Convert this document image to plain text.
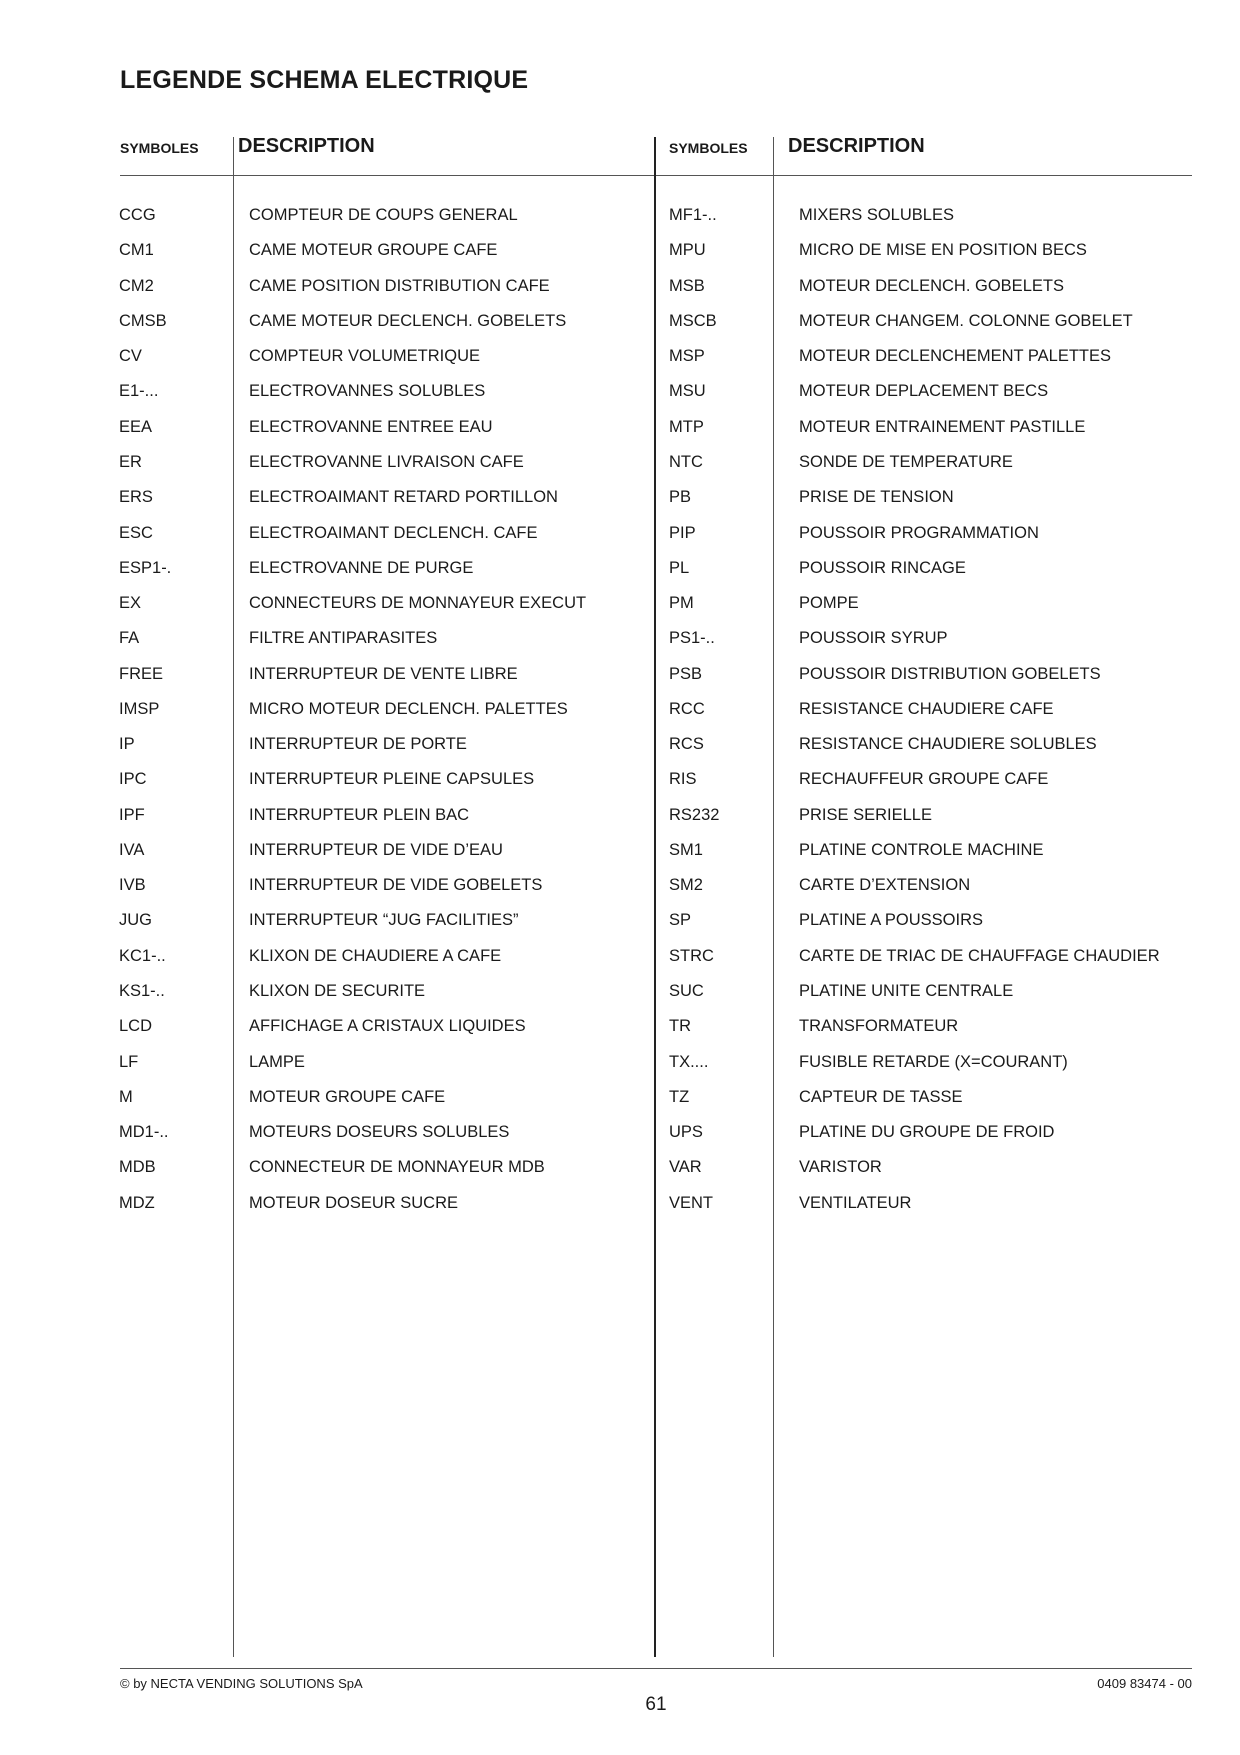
LEGENDE SCHEMA ELECTRIQUE
SYMBOLES DESCRIPTION	SYMBOLES DESCRIPTION
CCG	COMPTEUR DE COUPS GENERAL
CM1	CAME MOTEUR GROUPE CAFE
CM2	CAME POSITION DISTRIBUTION CAFE
CMSB	CAME MOTEUR DECLENCH. GOBELETS
CV	COMPTEUR VOLUMETRIQUE
E1-...	ELECTROVANNES SOLUBLES
EEA	ELECTROVANNE ENTREE EAU
ER	ELECTROVANNE LIVRAISON CAFE
ERS	ELECTROAIMANT RETARD PORTILLON
ESC	ELECTROAIMANT DECLENCH. CAFE
ESP1-.	ELECTROVANNE DE PURGE
EX	CONNECTEURS DE MONNAYEUR EXECUT
FA	FILTRE ANTIPARASITES
FREE	INTERRUPTEUR DE VENTE LIBRE
IMSP	MICRO MOTEUR DECLENCH. PALETTES
IP	INTERRUPTEUR DE PORTE
IPC	INTERRUPTEUR PLEINE CAPSULES
IPF	INTERRUPTEUR PLEIN BAC
IVA	INTERRUPTEUR DE VIDE D’EAU
IVB	INTERRUPTEUR DE VIDE GOBELETS
JUG	INTERRUPTEUR “JUG FACILITIES”
KC1-..	KLIXON DE CHAUDIERE A CAFE
KS1-..	KLIXON DE SECURITE
LCD	AFFICHAGE A CRISTAUX LIQUIDES
LF	LAMPE
M	MOTEUR GROUPE CAFE
MD1-..	MOTEURS DOSEURS SOLUBLES
MDB	CONNECTEUR DE MONNAYEUR MDB
MDZ	MOTEUR DOSEUR SUCRE
MF1-..	MIXERS SOLUBLES
MPU	MICRO DE MISE EN POSITION BECS
MSB	MOTEUR DECLENCH. GOBELETS
MSCB	MOTEUR CHANGEM. COLONNE GOBELET
MSP	MOTEUR DECLENCHEMENT PALETTES
MSU	MOTEUR DEPLACEMENT BECS
MTP	MOTEUR ENTRAINEMENT PASTILLE
NTC	SONDE DE TEMPERATURE
PB	PRISE DE TENSION
PIP	POUSSOIR PROGRAMMATION
PL	POUSSOIR RINCAGE
PM	POMPE
PS1-..	POUSSOIR SYRUP
PSB	POUSSOIR DISTRIBUTION GOBELETS
RCC	RESISTANCE CHAUDIERE CAFE
RCS	RESISTANCE CHAUDIERE SOLUBLES
RIS	RECHAUFFEUR GROUPE CAFE
RS232	PRISE SERIELLE
SM1	PLATINE CONTROLE MACHINE
SM2	CARTE D’EXTENSION
SP	PLATINE A POUSSOIRS
STRC	CARTE DE TRIAC DE CHAUFFAGE CHAUDIER
SUC	PLATINE UNITE CENTRALE
TR	TRANSFORMATEUR
TX....	FUSIBLE RETARDE (X=COURANT)
TZ	CAPTEUR DE TASSE
UPS	PLATINE DU GROUPE DE FROID
VAR	VARISTOR
VENT	VENTILATEUR
© by NECTA VENDING SOLUTIONS SpA	0409 83474 - 00
61
